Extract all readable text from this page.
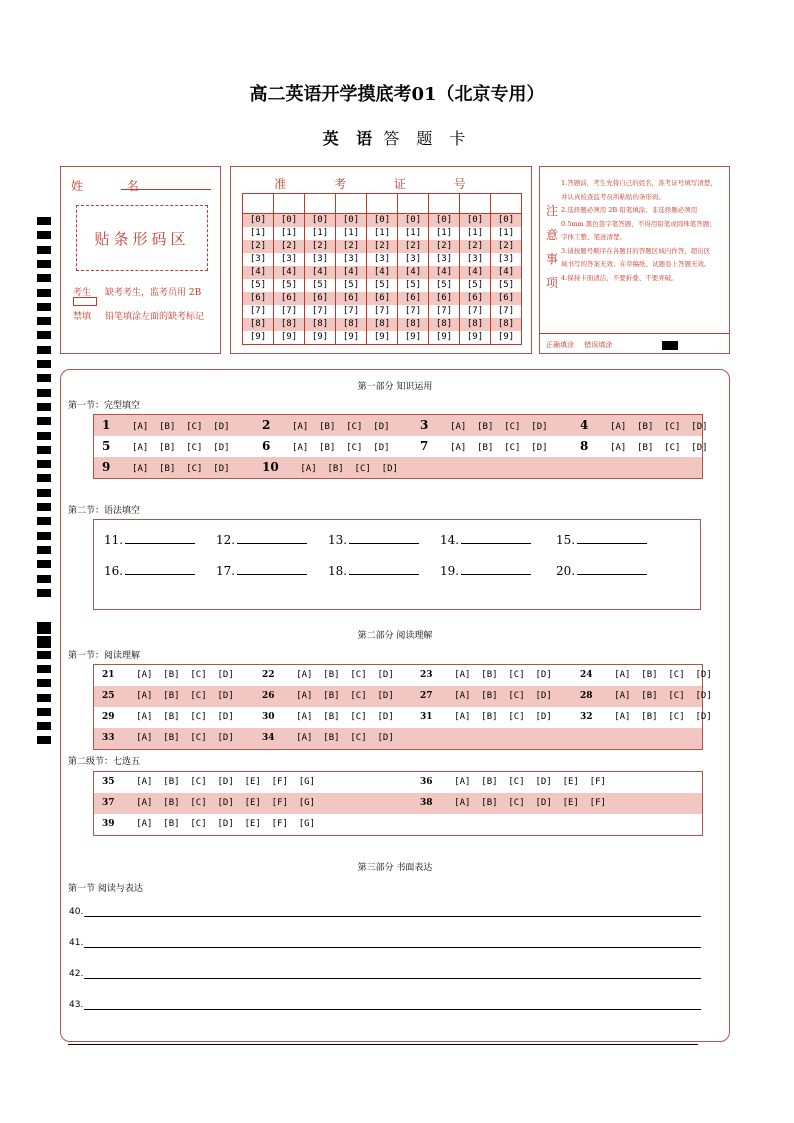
高二英语开学摸底考01（北京专用）
英 语 答 题 卡
姓 名
贴条形码区
考生
禁填
缺考考生，监考员用 2B
铅笔填涂左面的缺考标记
准 考 证 号

[0]	[0]	[0]	[0]	[0]	[0]	[0]	[0]	[0]
[1]	[1]	[1]	[1]	[1]	[1]	[1]	[1]	[1]
[2]	[2]	[2]	[2]	[2]	[2]	[2]	[2]	[2]
[3]	[3]	[3]	[3]	[3]	[3]	[3]	[3]	[3]
[4]	[4]	[4]	[4]	[4]	[4]	[4]	[4]	[4]
[5]	[5]	[5]	[5]	[5]	[5]	[5]	[5]	[5]
[6]	[6]	[6]	[6]	[6]	[6]	[6]	[6]	[6]
[7]	[7]	[7]	[7]	[7]	[7]	[7]	[7]	[7]
[8]	[8]	[8]	[8]	[8]	[8]	[8]	[8]	[8]
[9]	[9]	[9]	[9]	[9]	[9]	[9]	[9]	[9]
注意事项
1.答题前，考生先将自己的姓名，准考证号填写清楚，
并认真检查监考员所粘贴的条形码。
2.选择题必须用 2B 铅笔填涂；非选择题必须用
0.5mm 黑色签字笔答题，不得用铅笔或圆珠笔答题；
字体工整、笔迹清楚。
3.请按题号顺序在各题目的答题区域内作答，超出区
域书写的答案无效；在草稿纸、试题卷上答题无效。
4.保持卡面清洁，不要折叠、不要弄破。
正确填涂 错误填涂
第一部分 知识运用
第一节：完型填空
1    [A]  [B]  [C]  [D]	2    [A]  [B]  [C]  [D]	3    [A]  [B]  [C]  [D]	4    [A]  [B]  [C]  [D]
5    [A]  [B]  [C]  [D]	6    [A]  [B]  [C]  [D]	7    [A]  [B]  [C]  [D]	8    [A]  [B]  [C]  [D]
9    [A]  [B]  [C]  [D]	10    [A]  [B]  [C]  [D]
第二节：语法填空
11.	12.	13.	14.	15.
16.	17.	18.	19.	20.
第二部分 阅读理解
第一节：阅读理解
21    [A]  [B]  [C]  [D]	22    [A]  [B]  [C]  [D]	23    [A]  [B]  [C]  [D]	24    [A]  [B]  [C]  [D]
25    [A]  [B]  [C]  [D]	26    [A]  [B]  [C]  [D]	27    [A]  [B]  [C]  [D]	28    [A]  [B]  [C]  [D]
29    [A]  [B]  [C]  [D]	30    [A]  [B]  [C]  [D]	31    [A]  [B]  [C]  [D]	32    [A]  [B]  [C]  [D]
33    [A]  [B]  [C]  [D]	34    [A]  [B]  [C]  [D]
第二级节：七选五
35    [A]  [B]  [C]  [D]  [E]  [F]  [G]	36    [A]  [B]  [C]  [D]  [E]  [F]
37    [A]  [B]  [C]  [D]  [E]  [F]  [G]	38    [A]  [B]  [C]  [D]  [E]  [F]
39    [A]  [B]  [C]  [D]  [E]  [F]  [G]
第三部分 书面表达
第一节 阅读与表达
40.
41.
42.
43.
